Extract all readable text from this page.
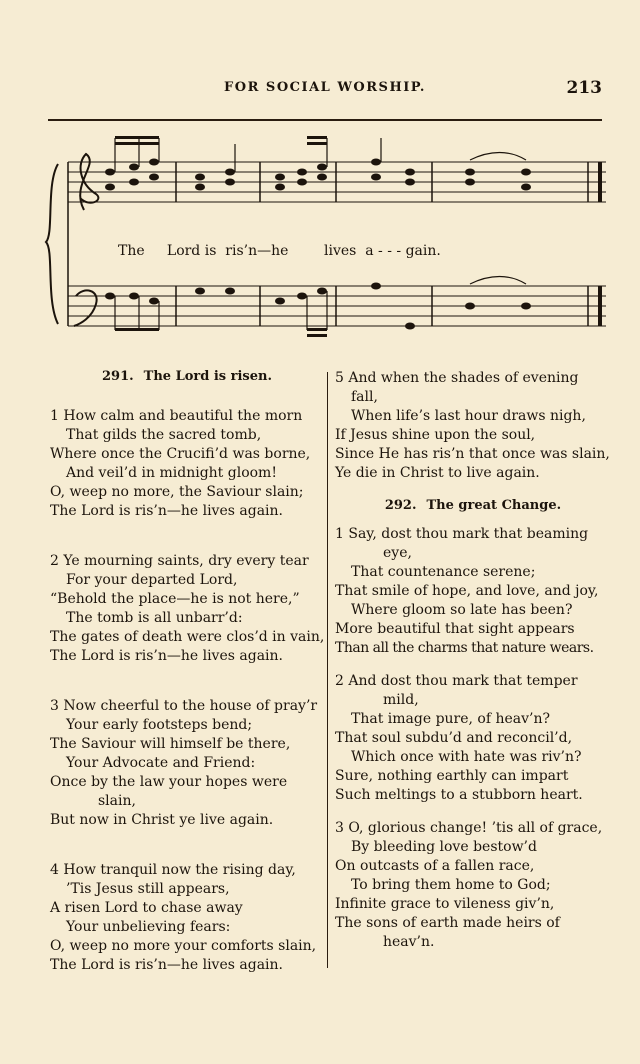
FOR SOCIAL WORSHIP.	213
The     Lord is  ris’n—he        lives  a - - - gain.
291. The Lord is risen.
1 How calm and beautiful the morn
That gilds the sacred tomb,
Where once the Crucifi’d was borne,
And veil’d in midnight gloom!
O, weep no more, the Saviour slain;
The Lord is ris’n—he lives again.
2 Ye mourning saints, dry every tear
For your departed Lord,
“Behold the place—he is not here,”
The tomb is all unbarr’d:
The gates of death were clos’d in vain,
The Lord is ris’n—he lives again.
3 Now cheerful to the house of pray’r
Your early footsteps bend;
The Saviour will himself be there,
Your Advocate and Friend:
Once by the law your hopes were
slain,
But now in Christ ye live again.
4 How tranquil now the rising day,
’Tis Jesus still appears,
A risen Lord to chase away
Your unbelieving fears:
O, weep no more your comforts slain,
The Lord is ris’n—he lives again.
5 And when the shades of evening
fall,
When life’s last hour draws nigh,
If Jesus shine upon the soul,
Since He has ris’n that once was slain,
Ye die in Christ to live again.
292. The great Change.
1 Say, dost thou mark that beaming
eye,
That countenance serene;
That smile of hope, and love, and joy,
Where gloom so late has been?
More beautiful that sight appears
Than all the charms that nature wears.
2 And dost thou mark that temper
mild,
That image pure, of heav’n?
That soul subdu’d and reconcil’d,
Which once with hate was riv’n?
Sure, nothing earthly can impart
Such meltings to a stubborn heart.
3 O, glorious change! ’tis all of grace,
By bleeding love bestow’d
On outcasts of a fallen race,
To bring them home to God;
Infinite grace to vileness giv’n,
The sons of earth made heirs of
heav’n.
